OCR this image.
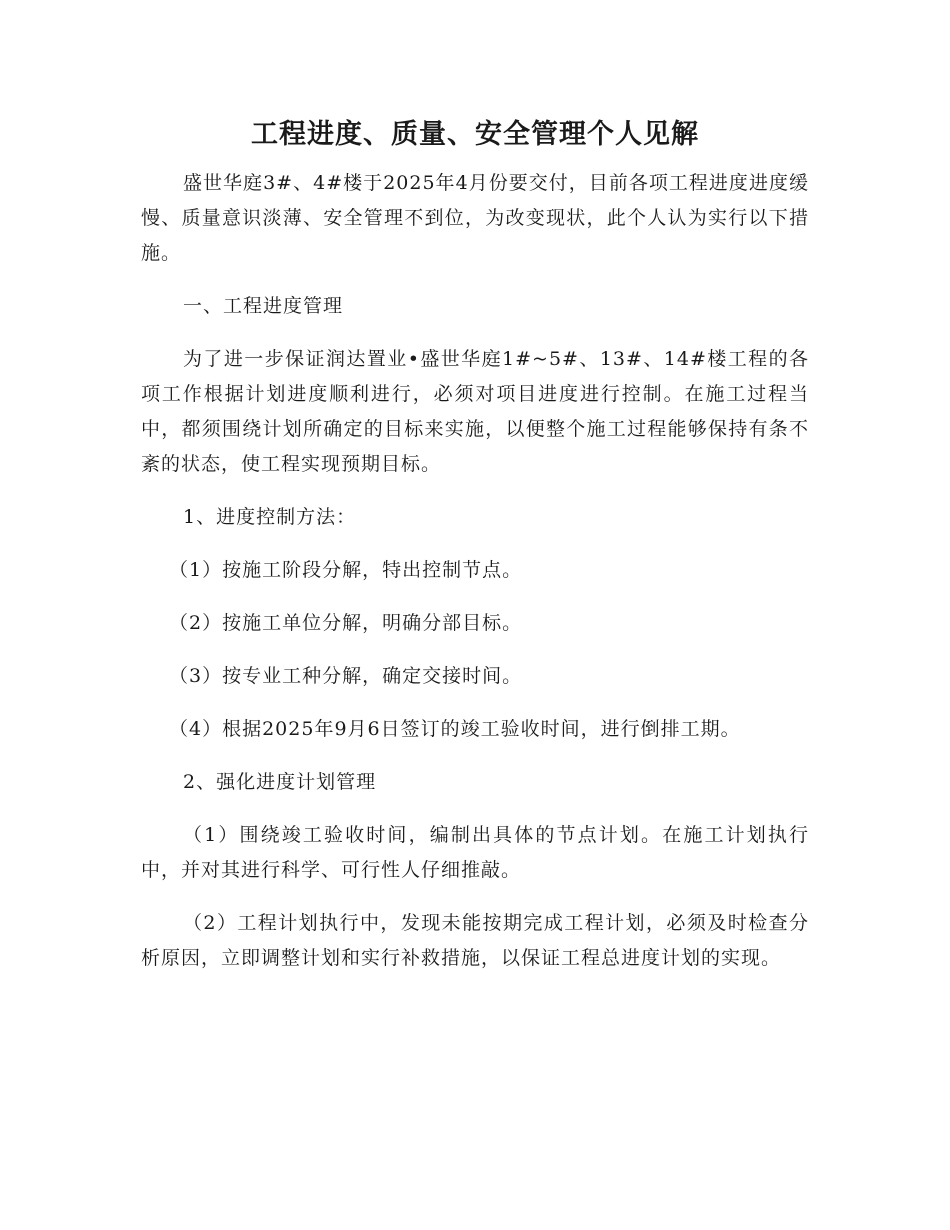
工程进度、质量、安全管理个人见解

盛世华庭3#、4#楼于2025年4月份要交付，目前各项工程进度进度缓慢、质量意识淡薄、安全管理不到位，为改变现状，此个人认为实行以下措施。

一、工程进度管理

为了进一步保证润达置业•盛世华庭1#~5#、13#、14#楼工程的各项工作根据计划进度顺利进行，必须对项目进度进行控制。在施工过程当中，都须围绕计划所确定的目标来实施，以便整个施工过程能够保持有条不紊的状态，使工程实现预期目标。

1、进度控制方法：

（1）按施工阶段分解，特出控制节点。

（2）按施工单位分解，明确分部目标。

（3）按专业工种分解，确定交接时间。

（4）根据2025年9月6日签订的竣工验收时间，进行倒排工期。

2、强化进度计划管理

（1）围绕竣工验收时间，编制出具体的节点计划。在施工计划执行中，并对其进行科学、可行性人仔细推敲。

（2）工程计划执行中，发现未能按期完成工程计划，必须及时检查分析原因，立即调整计划和实行补救措施，以保证工程总进度计划的实现。
